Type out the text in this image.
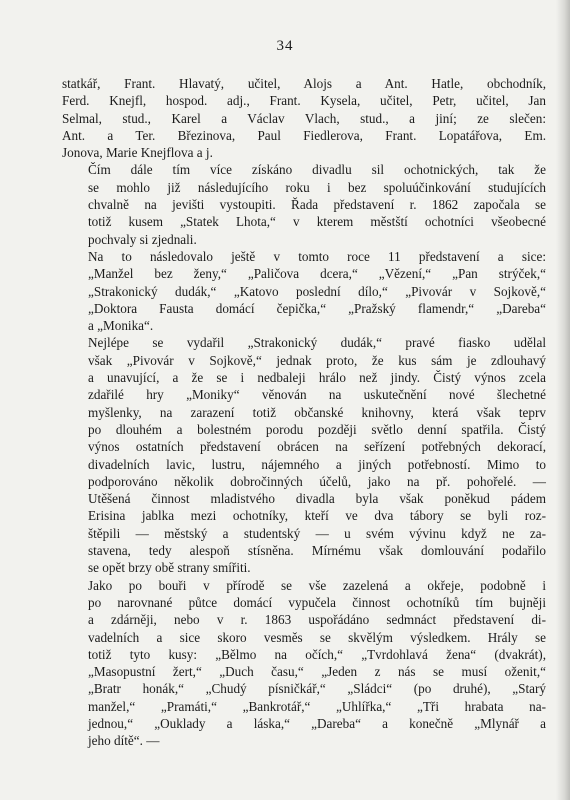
34

statkář, Frant. Hlavatý, učitel, Alojs a Ant. Hatle, obchodník,
Ferd. Knejfl, hospod. adj., Frant. Kysela, učitel, Petr, učitel, Jan
Selmal, stud., Karel a Václav Vlach, stud., a jiní; ze slečen:
Ant. a Ter. Březinova, Paul Fiedlerova, Frant. Lopatářova, Em.
Jonova, Marie Knejflova a j.

Čím dále tím více získáno divadlu sil ochotnických, tak že
se mohlo již následujícího roku i bez spoluúčinkování studujících
chvalně na jevišti vystoupiti. Řada představení r. 1862 započala se
totiž kusem „Statek Lhota,“ v kterem městští ochotníci všeobecné
pochvaly si zjednali.

Na to následovalo ještě v tomto roce 11 představení a sice:
„Manžel bez ženy,“ „Paličova dcera,“ „Vězení,“ „Pan strýček,“
„Strakonický dudák,“ „Katovo poslední dílo,“ „Pivovár v Sojkově,“
„Doktora Fausta domácí čepička,“ „Pražský flamendr,“ „Dareba“
a „Monika“.

Nejlépe se vydařil „Strakonický dudák,“ pravé fiasko udělal
však „Pivovár v Sojkově,“ jednak proto, že kus sám je zdlouhavý
a unavující, a že se i nedbaleji hrálo než jindy. Čistý výnos zcela
zdařilé hry „Moniky“ věnován na uskutečnění nové šlechetné
myšlenky, na zarazení totiž občanské knihovny, která však teprv
po dlouhém a bolestném porodu později světlo denní spatřila. Čistý
výnos ostatních představení obrácen na seřízení potřebných dekorací,
divadelních lavic, lustru, nájemného a jiných potřebností. Mimo to
podporováno několik dobročinných účelů, jako na př. pohořelé. —
Utěšená činnost mladistvého divadla byla však poněkud pádem
Erisina jablka mezi ochotníky, kteří ve dva tábory se byli roz-
štěpili — městský a studentský — u svém vývinu když ne za-
stavena, tedy alespoň stísněna. Mírnému však domlouvání podařilo
se opět brzy obě strany smířiti.

Jako po bouři v přírodě se vše zazelená a okřeje, podobně i
po narovnané půtce domácí vypučela činnost ochotníků tím bujněji
a zdárněji, nebo v r. 1863 uspořádáno sedmnáct představení di-
vadelních a sice skoro vesměs se skvělým výsledkem. Hrály se
totiž tyto kusy: „Bělmo na očích,“ „Tvrdohlavá žena“ (dvakrát),
„Masopustní žert,“ „Duch času,“ „Jeden z nás se musí oženit,“
„Bratr honák,“ „Chudý písničkář,“ „Sládci“ (po druhé), „Starý
manžel,“ „Pramáti,“ „Bankrotář,“ „Uhlířka,“ „Tři hrabata na-
jednou,“ „Ouklady a láska,“ „Dareba“ a konečně „Mlynář a
jeho dítě“. —
